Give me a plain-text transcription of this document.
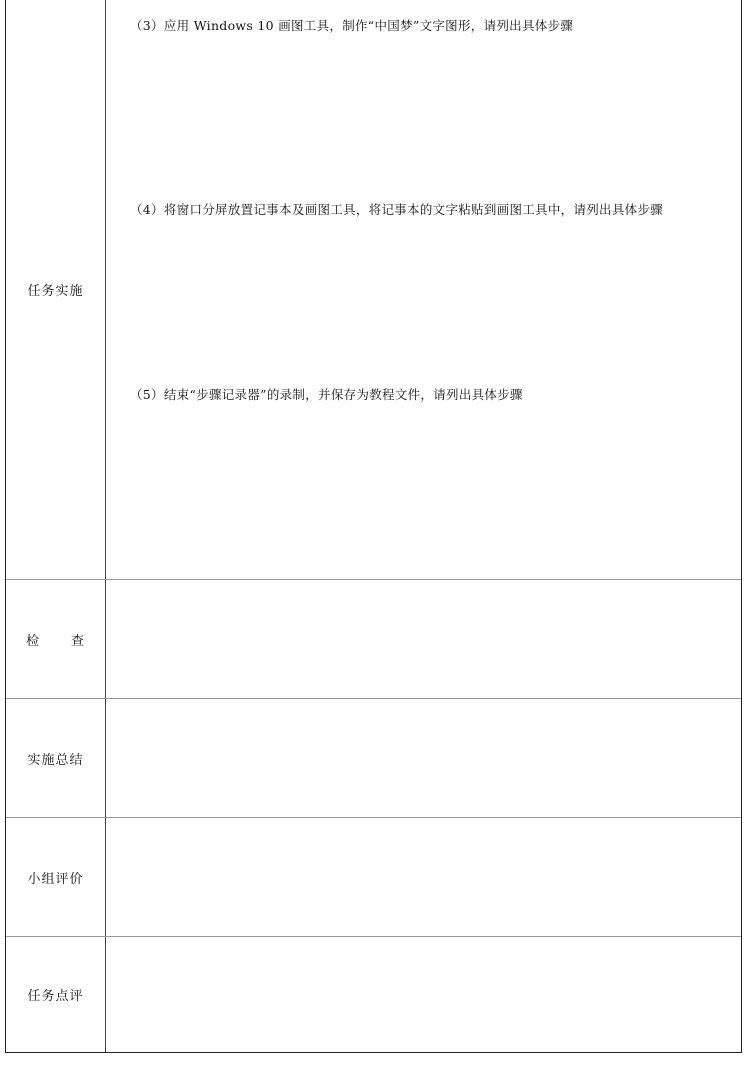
任务实施
（3）应用 Windows 10 画图工具，制作“中国梦”文字图形，请列出具体步骤
（4）将窗口分屏放置记事本及画图工具，将记事本的文字粘贴到画图工具中，请列出具体步骤
（5）结束“步骤记录器”的录制，并保存为教程文件，请列出具体步骤
检      查
实施总结
小组评价
任务点评
